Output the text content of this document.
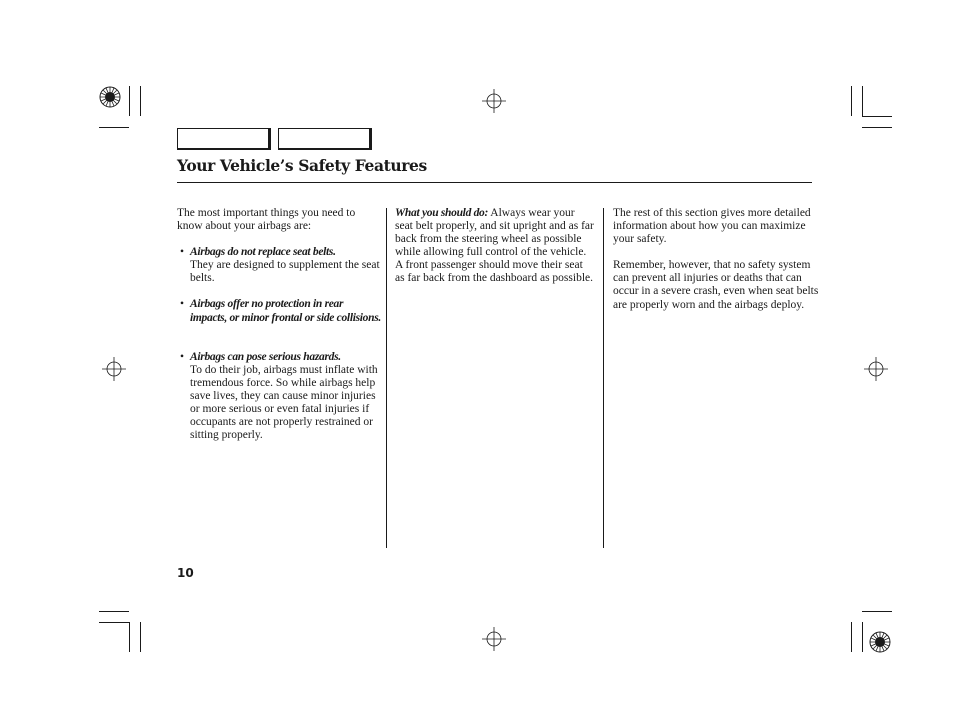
Your Vehicle’s Safety Features

The most important things you need to know about your airbags are:

• Airbags do not replace seat belts.
They are designed to supplement the seat belts.
• Airbags offer no protection in rear impacts, or minor frontal or side collisions.
• Airbags can pose serious hazards.
To do their job, airbags must inflate with tremendous force. So while airbags help save lives, they can cause minor injuries or more serious or even fatal injuries if occupants are not properly restrained or sitting properly.

What you should do: Always wear your seat belt properly, and sit upright and as far back from the steering wheel as possible while allowing full control of the vehicle. A front passenger should move their seat as far back from the dashboard as possible.

The rest of this section gives more detailed information about how you can maximize your safety.

Remember, however, that no safety system can prevent all injuries or deaths that can occur in a severe crash, even when seat belts are properly worn and the airbags deploy.

10
